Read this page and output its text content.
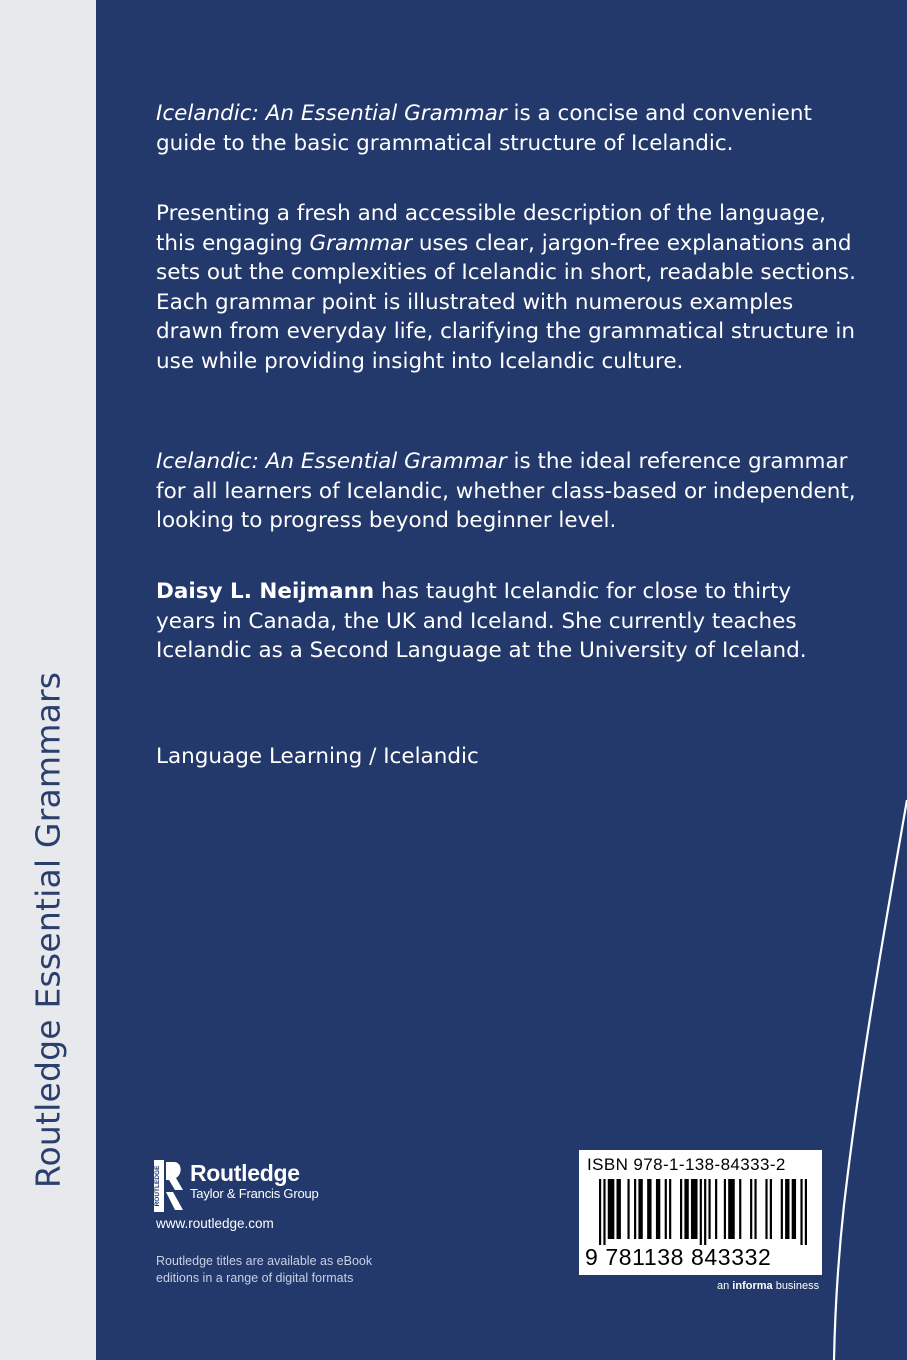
Routledge Essential Grammars

Icelandic: An Essential Grammar is a concise and convenient guide to the basic grammatical structure of Icelandic.

Presenting a fresh and accessible description of the language, this engaging Grammar uses clear, jargon-free explanations and sets out the complexities of Icelandic in short, readable sections. Each grammar point is illustrated with numerous examples drawn from everyday life, clarifying the grammatical structure in use while providing insight into Icelandic culture.

Icelandic: An Essential Grammar is the ideal reference grammar for all learners of Icelandic, whether class-based or independent, looking to progress beyond beginner level.

Daisy L. Neijmann has taught Icelandic for close to thirty years in Canada, the UK and Iceland. She currently teaches Icelandic as a Second Language at the University of Iceland.

Language Learning / Icelandic
ROUTLEDGE Routledge
Taylor & Francis Group
www.routledge.com
Routledge titles are available as eBook editions in a range of digital formats
ISBN 978-1-138-84333-2
9 781138 843332
an informa business
